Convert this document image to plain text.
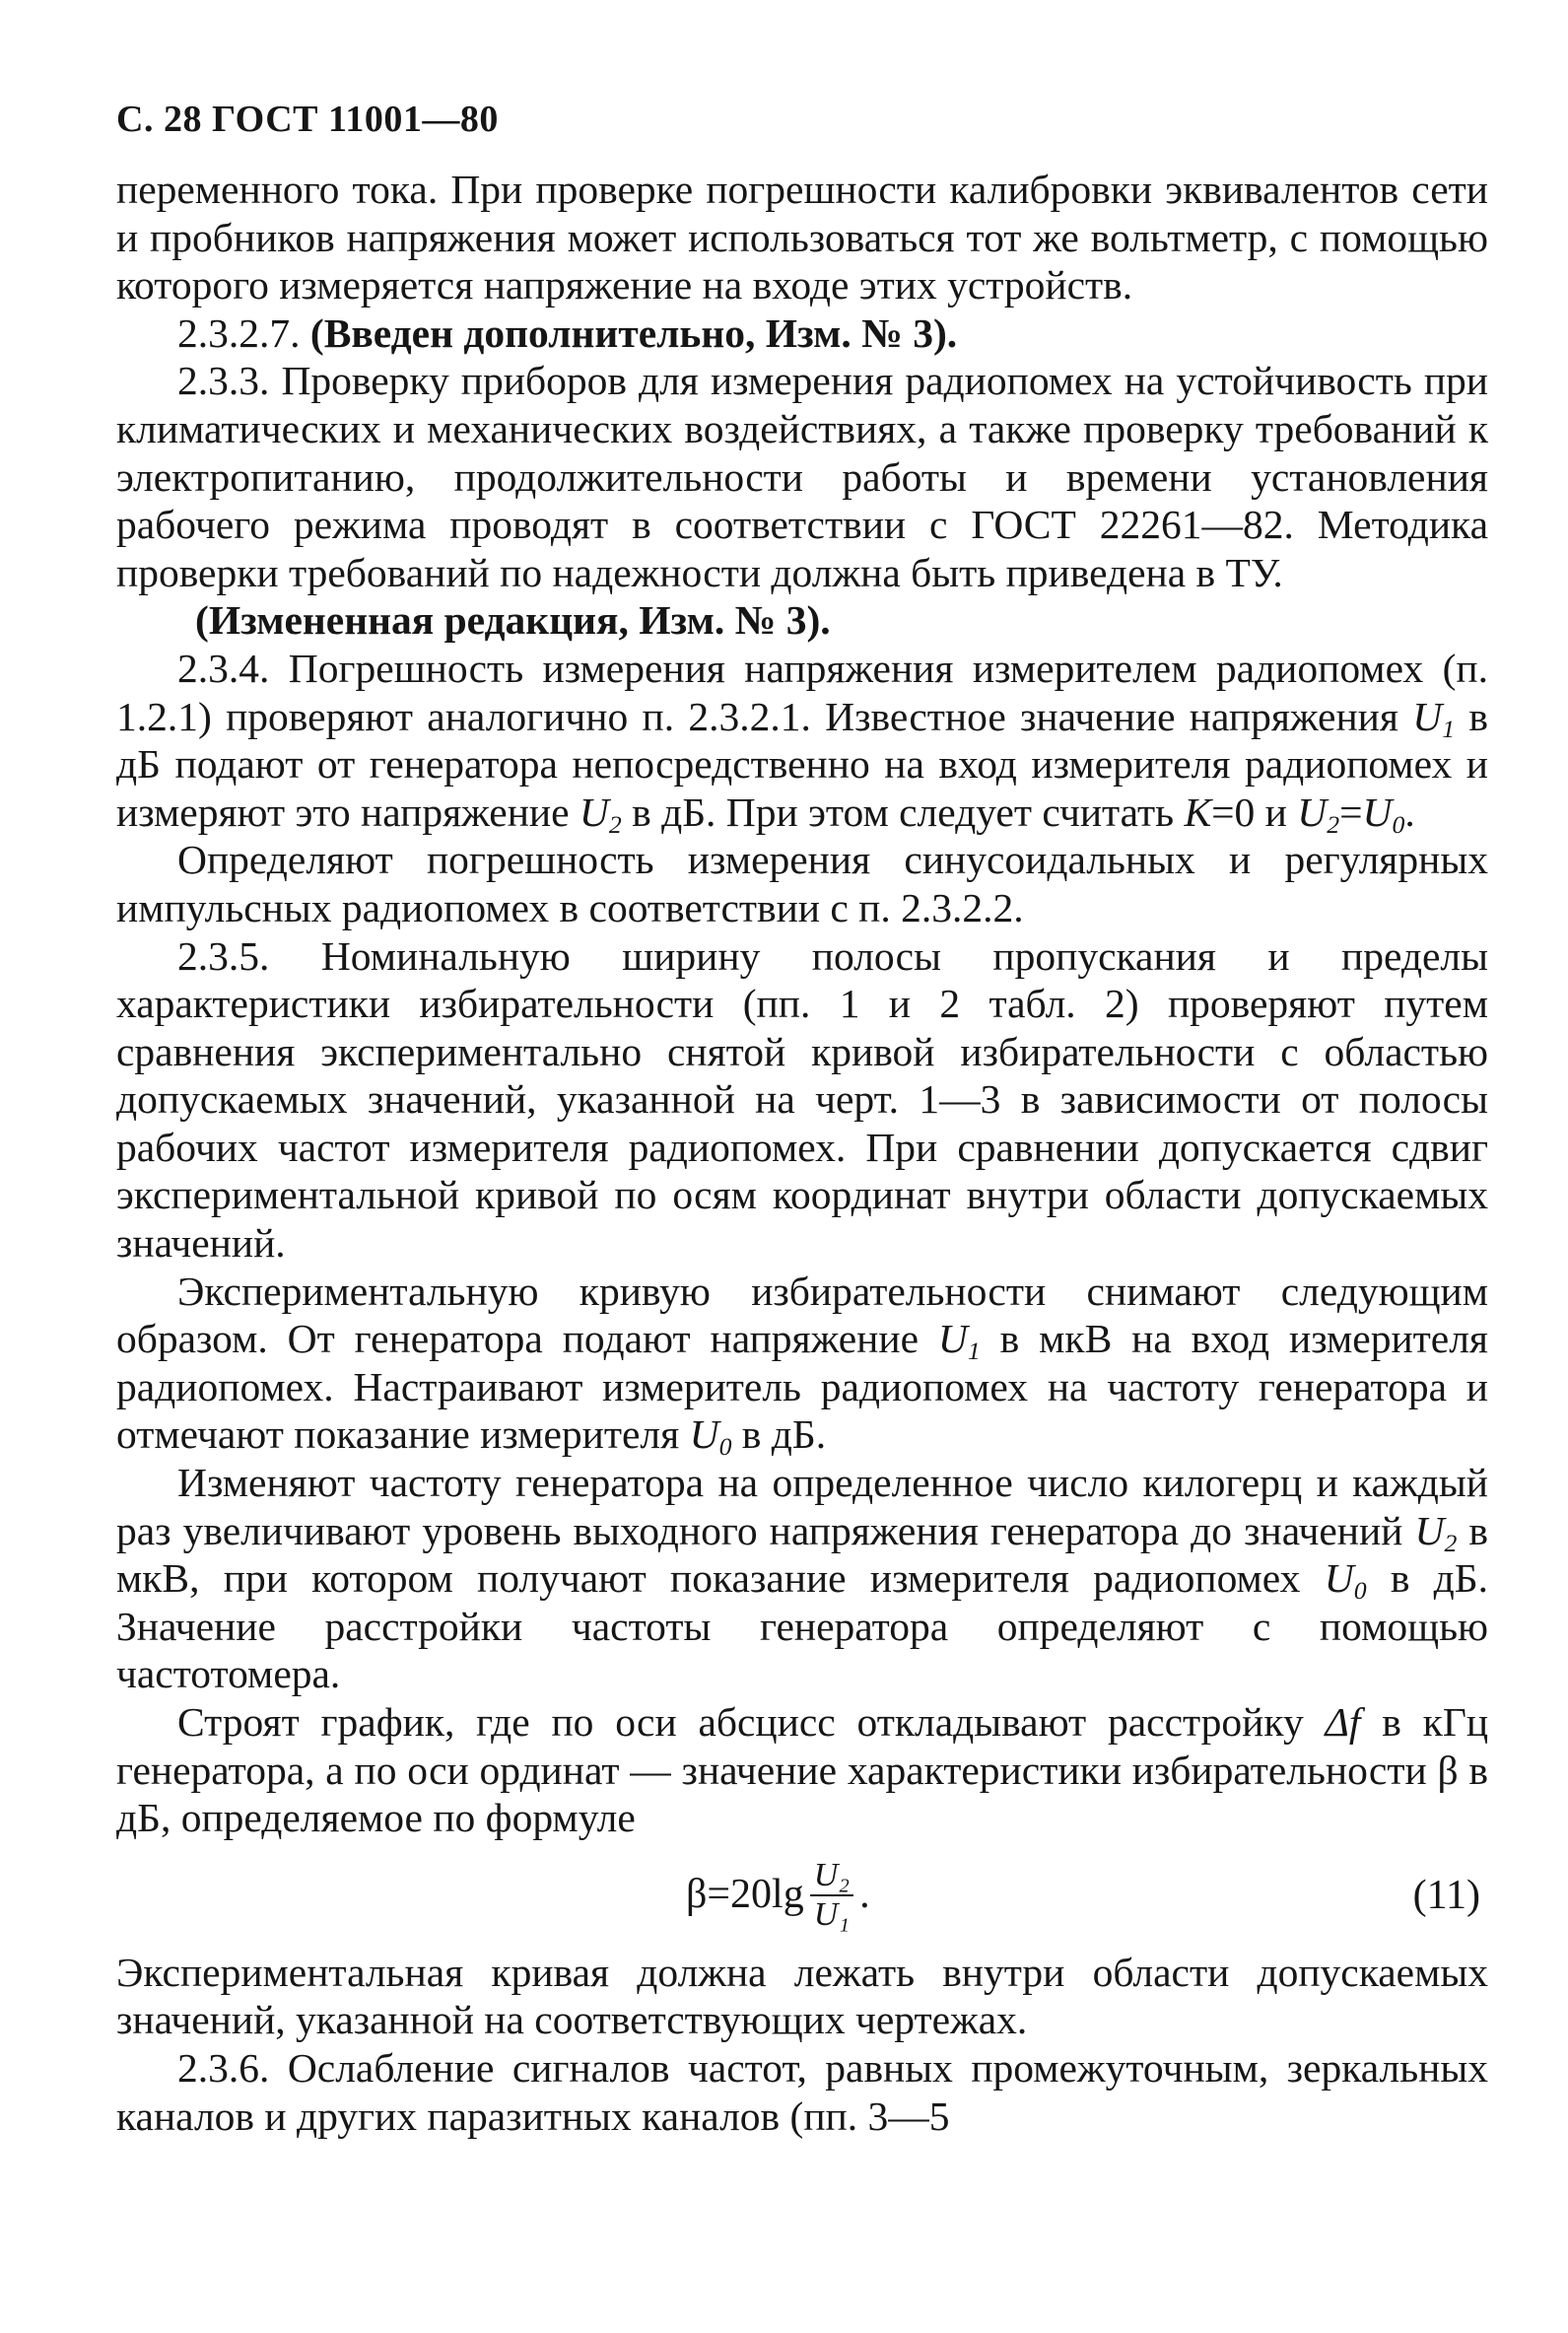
С. 28 ГОСТ 11001—80

переменного тока. При проверке погрешности калибровки эквивалентов сети и пробников напряжения может использоваться тот же вольтметр, с помощью которого измеряется напряжение на входе этих устройств.

2.3.2.7. (Введен дополнительно, Изм. № 3).

2.3.3. Проверку приборов для измерения радиопомех на устойчивость при климатических и механических воздействиях, а также проверку требований к электропитанию, продолжительности работы и времени установления рабочего режима проводят в соответствии с ГОСТ 22261—82. Методика проверки требований по надежности должна быть приведена в ТУ.

(Измененная редакция, Изм. № 3).

2.3.4. Погрешность измерения напряжения измерителем радиопомех (п. 1.2.1) проверяют аналогично п. 2.3.2.1. Известное значение напряжения $U_1$ в дБ подают от генератора непосредственно на вход измерителя радиопомех и измеряют это напряжение $U_2$ в дБ. При этом следует считать K=0 и $U_2=U_0$.

Определяют погрешность измерения синусоидальных и регулярных импульсных радиопомех в соответствии с п. 2.3.2.2.

2.3.5. Номинальную ширину полосы пропускания и пределы характеристики избирательности (пп. 1 и 2 табл. 2) проверяют путем сравнения экспериментально снятой кривой избирательности с областью допускаемых значений, указанной на черт. 1—3 в зависимости от полосы рабочих частот измерителя радиопомех. При сравнении допускается сдвиг экспериментальной кривой по осям координат внутри области допускаемых значений.

Экспериментальную кривую избирательности снимают следующим образом. От генератора подают напряжение $U_1$ в мкВ на вход измерителя радиопомех. Настраивают измеритель радиопомех на частоту генератора и отмечают показание измерителя $U_0$ в дБ.

Изменяют частоту генератора на определенное число килогерц и каждый раз увеличивают уровень выходного напряжения генератора до значений $U_2$ в мкВ, при котором получают показание измерителя радиопомех $U_0$ в дБ. Значение расстройки частоты генератора определяют с помощью частотомера.

Строят график, где по оси абсцисс откладывают расстройку Δf в кГц генератора, а по оси ординат — значение характеристики избирательности β в дБ, определяемое по формуле

$\beta=20\lg \frac{\text{U₂}}{\text{U₁}}$ .	(11)

Экспериментальная кривая должна лежать внутри области допускаемых значений, указанной на соответствующих чертежах.

2.3.6. Ослабление сигналов частот, равных промежуточным, зеркальных каналов и других паразитных каналов (пп. 3—5
